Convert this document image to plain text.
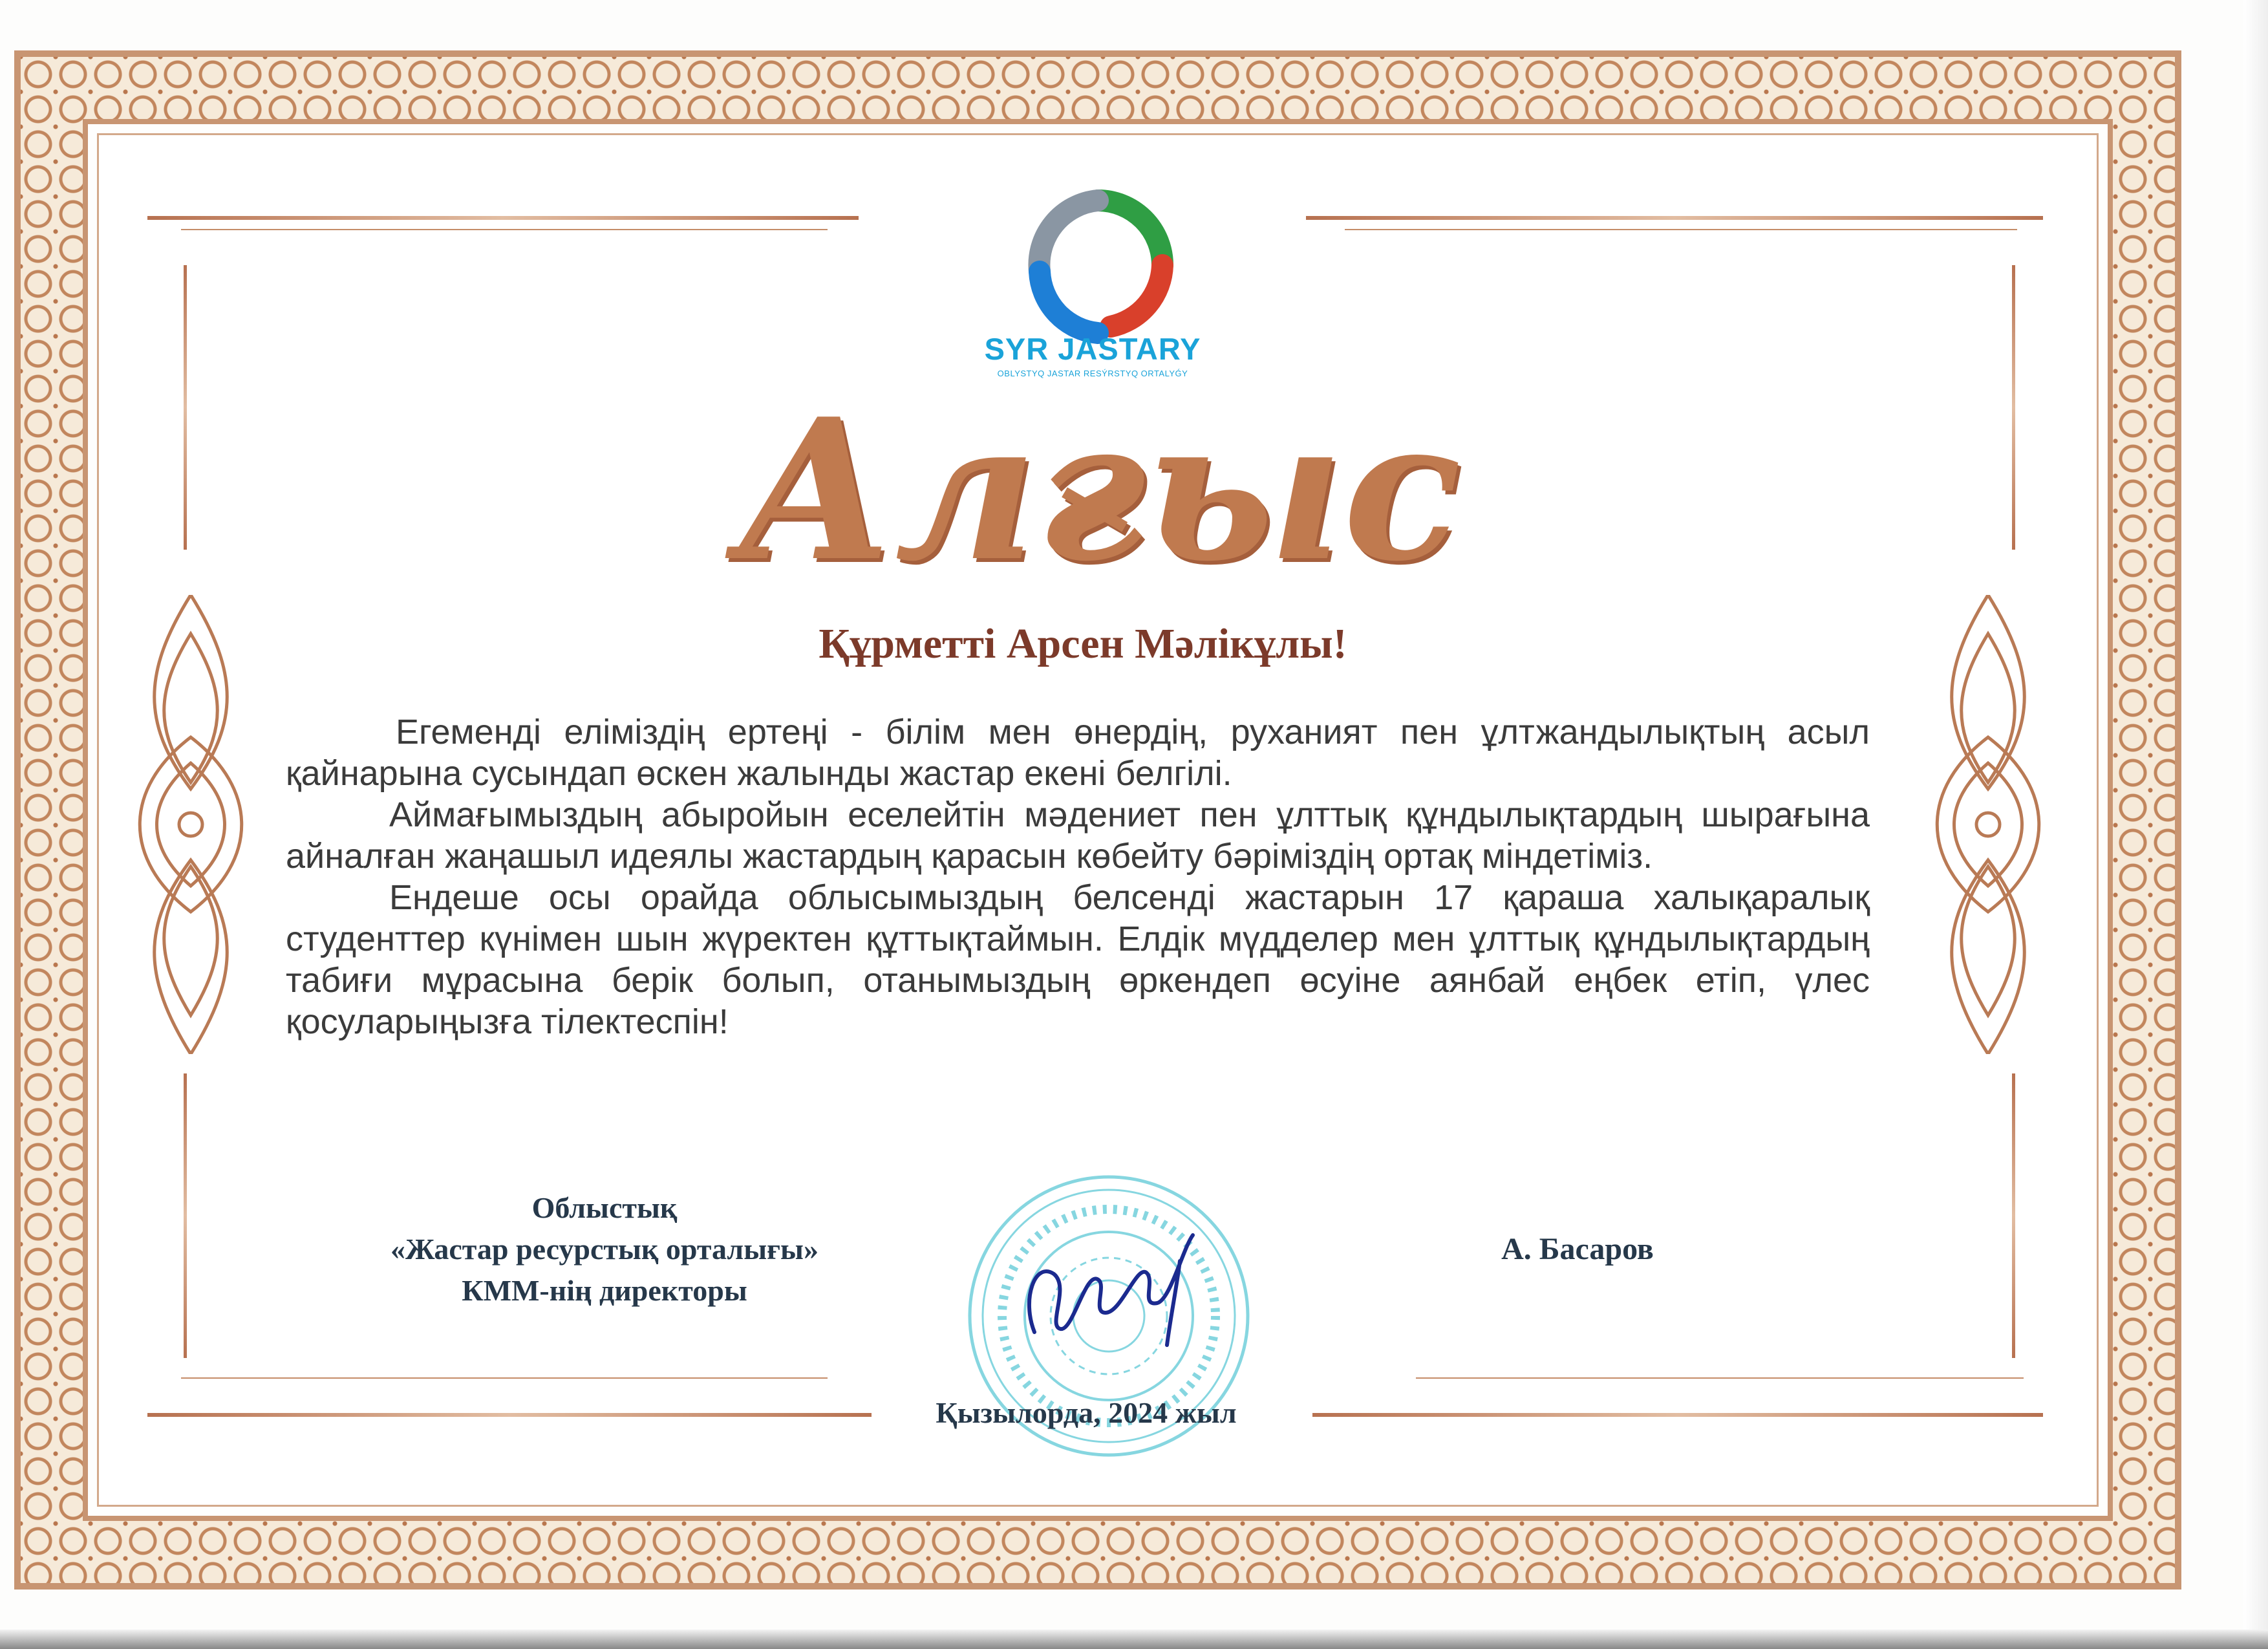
SYR JASTARY
OBLYSTYQ JASTAR RESÝRSTYQ ORTALYǴY
Алғыс
Құрметті Арсен Мәлікұлы!

Егеменді еліміздің ертеңі - білім мен өнердің, руханият пен ұлтжандылықтың асыл қайнарына сусындап өскен жалынды жастар екені белгілі.

Аймағымыздың абыройын еселейтін мәдениет пен ұлттық құндылықтардың шырағына айналған жаңашыл идеялы жастардың қарасын көбейту бәріміздің ортақ міндетіміз.

Ендеше осы орайда облысымыздың белсенді жастарын 17 қараша халықаралық студенттер күнімен шын жүректен құттықтаймын. Елдік мүдделер мен ұлттық құндылықтардың табиғи мұрасына берік болып, отанымыздың өркендеп өсуіне аянбай еңбек етіп, үлес қосуларыңызға тілектеспін!

Облыстық
«Жастар ресурстық орталығы»
КММ-нің директоры
А. Басаров
Қызылорда, 2024 жыл
